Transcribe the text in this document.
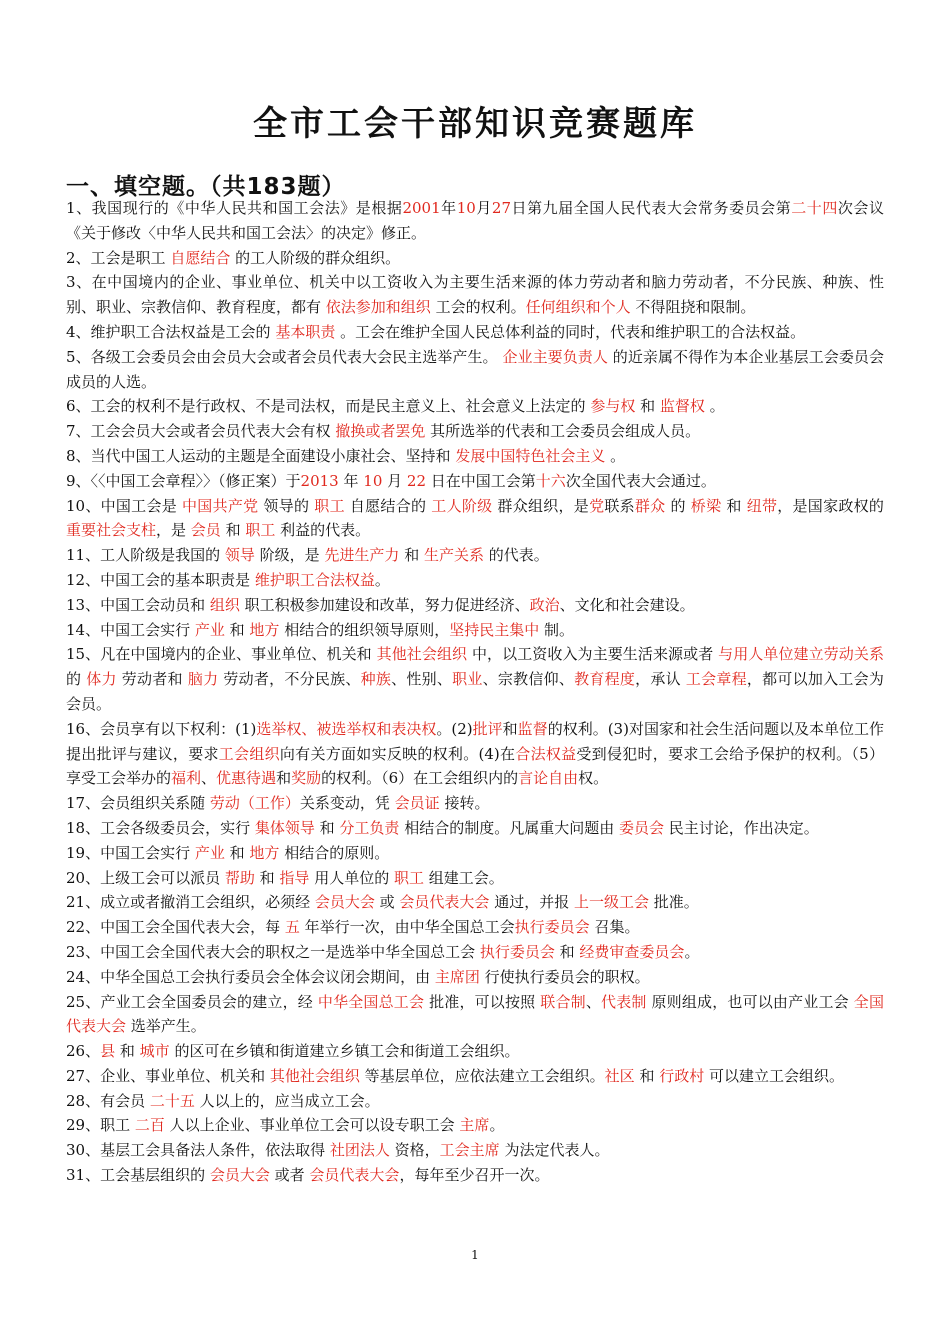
全市工会干部知识竞赛题库
一、填空题。（共183题）
1、我国现行的《中华人民共和国工会法》是根据2001年10月27日第九届全国人民代表大会常务委员会第二十四次会议《关于修改〈中华人民共和国工会法〉的决定》修正。
2、工会是职工 自愿结合 的工人阶级的群众组织。
3、在中国境内的企业、事业单位、机关中以工资收入为主要生活来源的体力劳动者和脑力劳动者，不分民族、种族、性别、职业、宗教信仰、教育程度，都有 依法参加和组织 工会的权利。任何组织和个人 不得阻挠和限制。
4、维护职工合法权益是工会的 基本职责 。工会在维护全国人民总体利益的同时，代表和维护职工的合法权益。
5、各级工会委员会由会员大会或者会员代表大会民主选举产生。 企业主要负责人 的近亲属不得作为本企业基层工会委员会成员的人选。
6、工会的权利不是行政权、不是司法权，而是民主意义上、社会意义上法定的 参与权 和 监督权 。
7、工会会员大会或者会员代表大会有权 撤换或者罢免 其所选举的代表和工会委员会组成人员。
8、当代中国工人运动的主题是全面建设小康社会、坚持和 发展中国特色社会主义 。
9、〈〈中国工会章程〉〉（修正案）于2013 年 10 月 22 日在中国工会第十六次全国代表大会通过。
10、中国工会是 中国共产党 领导的 职工 自愿结合的 工人阶级 群众组织，是党联系群众 的 桥梁 和 纽带，是国家政权的 重要社会支柱，是 会员 和 职工 利益的代表。
11、工人阶级是我国的 领导 阶级，是 先进生产力 和 生产关系 的代表。
12、中国工会的基本职责是 维护职工合法权益。
13、中国工会动员和 组织 职工积极参加建设和改革，努力促进经济、政治、文化和社会建设。
14、中国工会实行 产业 和 地方 相结合的组织领导原则，坚持民主集中 制。
15、凡在中国境内的企业、事业单位、机关和 其他社会组织 中，以工资收入为主要生活来源或者 与用人单位建立劳动关系 的 体力 劳动者和 脑力 劳动者，不分民族、种族、性别、职业、宗教信仰、教育程度，承认 工会章程，都可以加入工会为会员。
16、会员享有以下权利：(1)选举权、被选举权和表决权。(2)批评和监督的权利。(3)对国家和社会生活问题以及本单位工作提出批评与建议，要求工会组织向有关方面如实反映的权利。(4)在合法权益受到侵犯时，要求工会给予保护的权利。（5）享受工会举办的福利、优惠待遇和奖励的权利。（6）在工会组织内的言论自由权。
17、会员组织关系随 劳动（工作）关系变动，凭 会员证 接转。
18、工会各级委员会，实行 集体领导 和 分工负责 相结合的制度。凡属重大问题由 委员会 民主讨论，作出决定。
19、中国工会实行 产业 和 地方 相结合的原则。
20、上级工会可以派员 帮助 和 指导 用人单位的 职工 组建工会。
21、成立或者撤消工会组织，必须经 会员大会 或 会员代表大会 通过，并报 上一级工会 批准。
22、中国工会全国代表大会，每 五 年举行一次，由中华全国总工会执行委员会 召集。
23、中国工会全国代表大会的职权之一是选举中华全国总工会 执行委员会 和 经费审查委员会。
24、中华全国总工会执行委员会全体会议闭会期间，由 主席团 行使执行委员会的职权。
25、产业工会全国委员会的建立，经 中华全国总工会 批准，可以按照 联合制、代表制 原则组成，也可以由产业工会 全国代表大会 选举产生。
26、县 和 城市 的区可在乡镇和街道建立乡镇工会和街道工会组织。
27、企业、事业单位、机关和 其他社会组织 等基层单位，应依法建立工会组织。社区 和 行政村 可以建立工会组织。
28、有会员 二十五 人以上的，应当成立工会。
29、职工 二百 人以上企业、事业单位工会可以设专职工会 主席。
30、基层工会具备法人条件，依法取得 社团法人 资格，工会主席 为法定代表人。
31、工会基层组织的 会员大会 或者 会员代表大会，每年至少召开一次。
1
